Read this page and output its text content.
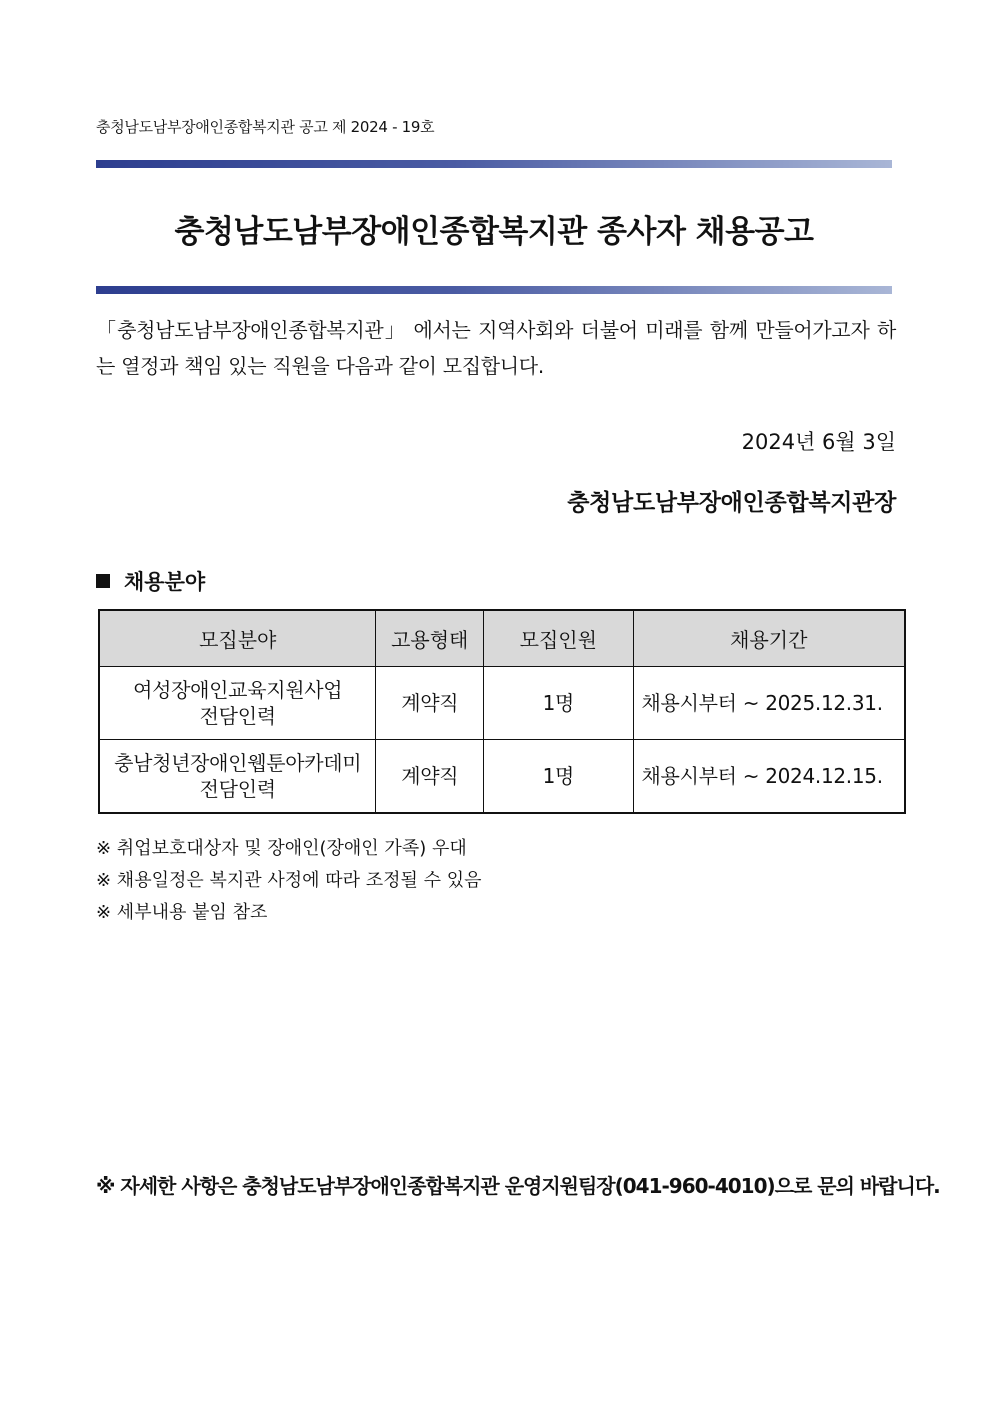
충청남도남부장애인종합복지관 공고 제 2024 - 19호
충청남도남부장애인종합복지관 종사자 채용공고
「충청남도남부장애인종합복지관」 에서는 지역사회와 더불어 미래를 함께 만들어가고자 하는 열정과 책임 있는 직원을 다음과 같이 모집합니다.
2024년 6월 3일
충청남도남부장애인종합복지관장
채용분야
모집분야	고용형태	모집인원	채용기간
여성장애인교육지원사업
전담인력	계약직	1명	채용시부터 ~ 2025.12.31.
충남청년장애인웹툰아카데미
전담인력	계약직	1명	채용시부터 ~ 2024.12.15.
※ 취업보호대상자 및 장애인(장애인 가족) 우대
※ 채용일정은 복지관 사정에 따라 조정될 수 있음
※ 세부내용 붙임 참조
※ 자세한 사항은 충청남도남부장애인종합복지관 운영지원팀장(041-960-4010)으로 문의 바랍니다.
